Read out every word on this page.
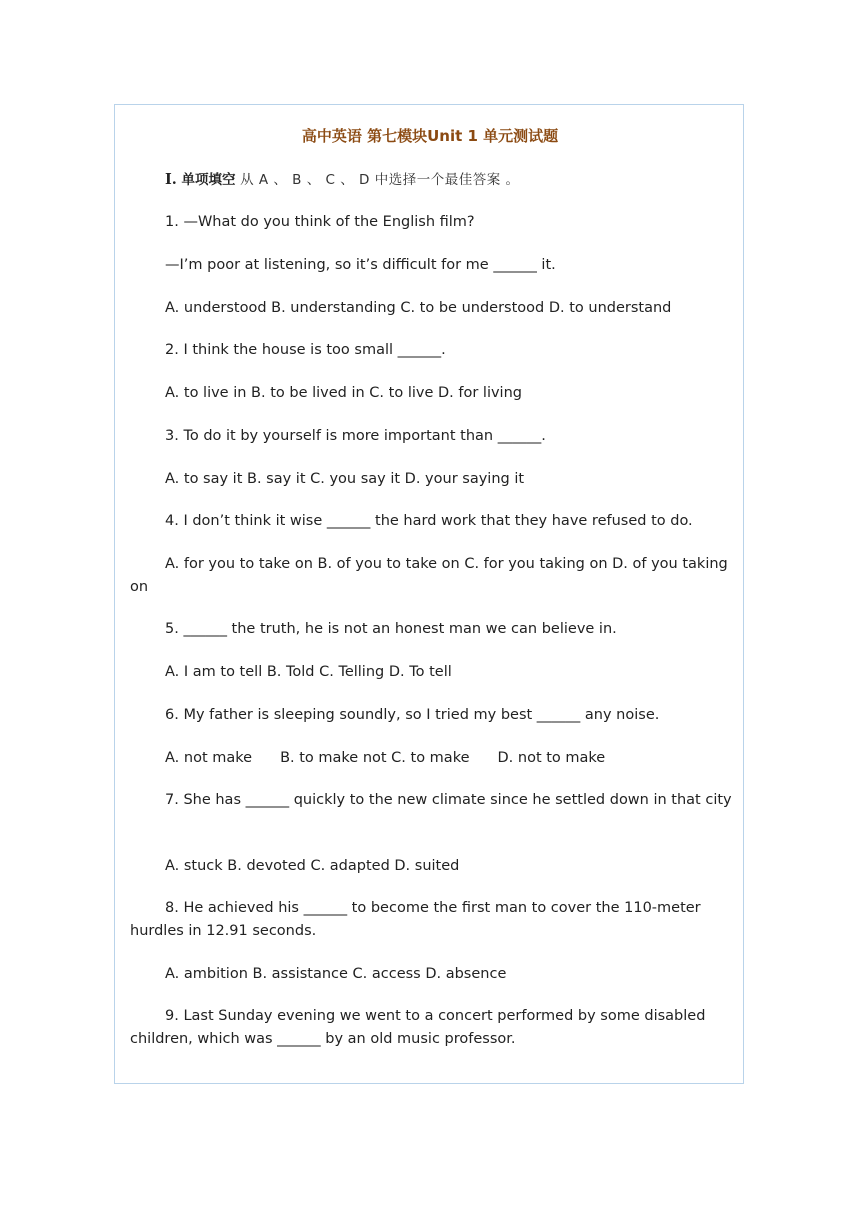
高中英语 第七模块Unit 1 单元测试题
I. 单项填空 从 A 、 B 、 C 、 D 中选择一个最佳答案 。
1. —What do you think of the English film?
—I’m poor at listening, so it’s difficult for me ______ it.
A. understood B. understanding C. to be understood D. to understand
2. I think the house is too small ______.
A. to live in B. to be lived in C. to live D. for living
3. To do it by yourself is more important than ______.
A. to say it B. say it C. you say it D. your saying it
4. I don’t think it wise ______ the hard work that they have refused to do.
A. for you to take on B. of you to take on C. for you taking on D. of you taking on
5. ______ the truth, he is not an honest man we can believe in.
A. I am to tell B. Told C. Telling D. To tell
6. My father is sleeping soundly, so I tried my best ______ any noise.
A. not make B. to make not C. to make D. not to make
7. She has ______ quickly to the new climate since he settled down in that city
A. stuck B. devoted C. adapted D. suited
8. He achieved his ______ to become the first man to cover the 110-meter hurdles in 12.91 seconds.
A. ambition B. assistance C. access D. absence
9. Last Sunday evening we went to a concert performed by some disabled children, which was ______ by an old music professor.
